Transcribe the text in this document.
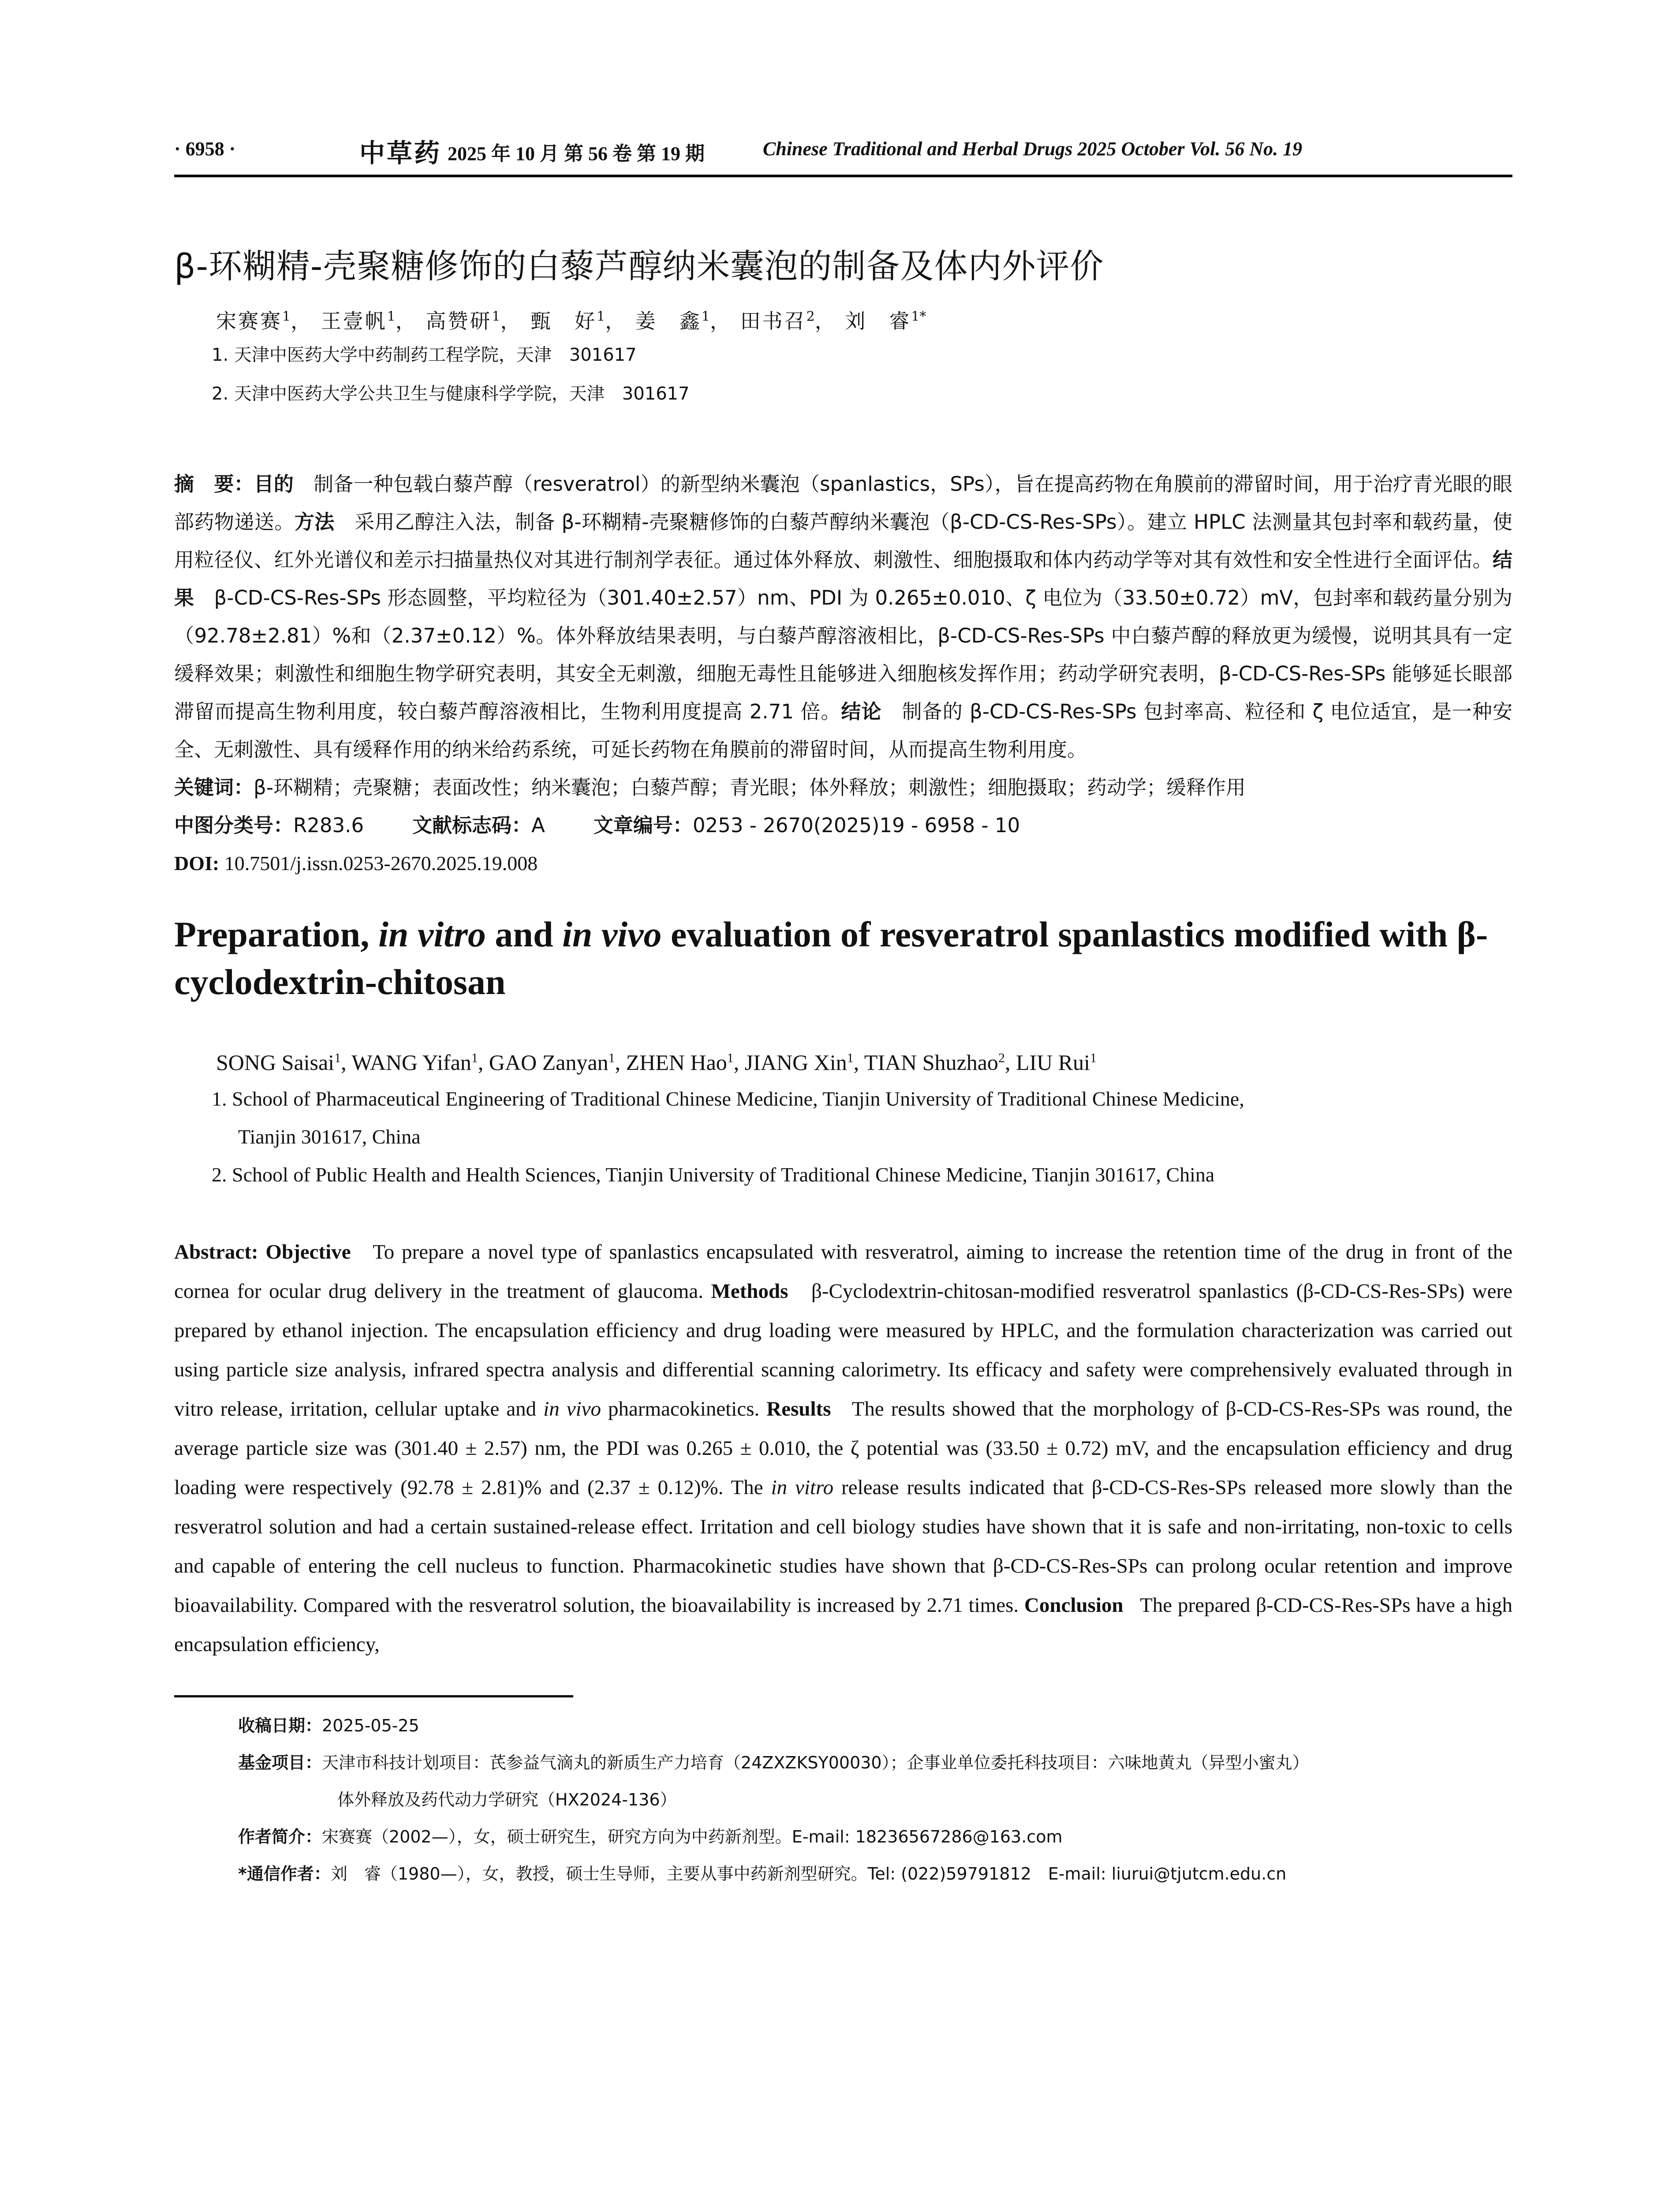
· 6958 ·	中草药 2025 年 10 月 第 56 卷 第 19 期	Chinese Traditional and Herbal Drugs 2025 October Vol. 56 No. 19
β-环糊精-壳聚糖修饰的白藜芦醇纳米囊泡的制备及体内外评价
宋赛赛$^1$， 王壹帆$^1$， 高赞研$^1$， 甄　好$^1$， 姜　鑫$^1$， 田书召$^2$， 刘　睿$^{1*}$
1. 天津中医药大学中药制药工程学院，天津　301617
2. 天津中医药大学公共卫生与健康科学学院，天津　301617
摘　要：目的　 制备一种包载白藜芦醇（resveratrol）的新型纳米囊泡（spanlastics，SPs），旨在提高药物在角膜前的滞留时间，用于治疗青光眼的眼部药物递送。方法　 采用乙醇注入法，制备 β-环糊精-壳聚糖修饰的白藜芦醇纳米囊泡（β-CD-CS-Res-SPs）。建立 HPLC 法测量其包封率和载药量，使用粒径仪、红外光谱仪和差示扫描量热仪对其进行制剂学表征。通过体外释放、刺激性、细胞摄取和体内药动学等对其有效性和安全性进行全面评估。结果　 β-CD-CS-Res-SPs 形态圆整，平均粒径为（301.40±2.57）nm、PDI 为 0.265±0.010、ζ 电位为（33.50±0.72）mV，包封率和载药量分别为（92.78±2.81）%和（2.37±0.12）%。体外释放结果表明，与白藜芦醇溶液相比，β-CD-CS-Res-SPs 中白藜芦醇的释放更为缓慢，说明其具有一定缓释效果；刺激性和细胞生物学研究表明，其安全无刺激，细胞无毒性且能够进入细胞核发挥作用；药动学研究表明，β-CD-CS-Res-SPs 能够延长眼部滞留而提高生物利用度，较白藜芦醇溶液相比，生物利用度提高 2.71 倍。结论　 制备的 β-CD-CS-Res-SPs 包封率高、粒径和 ζ 电位适宜，是一种安全、无刺激性、具有缓释作用的纳米给药系统，可延长药物在角膜前的滞留时间，从而提高生物利用度。
关键词：β-环糊精；壳聚糖；表面改性；纳米囊泡；白藜芦醇；青光眼；体外释放；刺激性；细胞摄取；药动学；缓释作用
中图分类号：R283.6 文献标志码：A 文章编号：0253 - 2670(2025)19 - 6958 - 10
DOI: 10.7501/j.issn.0253-2670.2025.19.008
Preparation, in vitro and in vivo evaluation of resveratrol spanlastics modified with β-cyclodextrin-chitosan
SONG Saisai$^1$, WANG Yifan$^1$, GAO Zanyan$^1$, ZHEN Hao$^1$, JIANG Xin$^1$, TIAN Shuzhao$^2$, LIU Rui$^1$
1. School of Pharmaceutical Engineering of Traditional Chinese Medicine, Tianjin University of Traditional Chinese Medicine,
Tianjin 301617, China
2. School of Public Health and Health Sciences, Tianjin University of Traditional Chinese Medicine, Tianjin 301617, China
Abstract: Objective To prepare a novel type of spanlastics encapsulated with resveratrol, aiming to increase the retention time of the drug in front of the cornea for ocular drug delivery in the treatment of glaucoma. Methods β-Cyclodextrin-chitosan-modified resveratrol spanlastics (β-CD-CS-Res-SPs) were prepared by ethanol injection. The encapsulation efficiency and drug loading were measured by HPLC, and the formulation characterization was carried out using particle size analysis, infrared spectra analysis and differential scanning calorimetry. Its efficacy and safety were comprehensively evaluated through in vitro release, irritation, cellular uptake and in vivo pharmacokinetics. Results The results showed that the morphology of β-CD-CS-Res-SPs was round, the average particle size was (301.40 ± 2.57) nm, the PDI was 0.265 ± 0.010, the ζ potential was (33.50 ± 0.72) mV, and the encapsulation efficiency and drug loading were respectively (92.78 ± 2.81)% and (2.37 ± 0.12)%. The in vitro release results indicated that β-CD-CS-Res-SPs released more slowly than the resveratrol solution and had a certain sustained-release effect. Irritation and cell biology studies have shown that it is safe and non-irritating, non-toxic to cells and capable of entering the cell nucleus to function. Pharmacokinetic studies have shown that β-CD-CS-Res-SPs can prolong ocular retention and improve bioavailability. Compared with the resveratrol solution, the bioavailability is increased by 2.71 times. Conclusion The prepared β-CD-CS-Res-SPs have a high encapsulation efficiency,
收稿日期：2025-05-25
基金项目：天津市科技计划项目：芪参益气滴丸的新质生产力培育（24ZXZKSY00030）；企事业单位委托科技项目：六味地黄丸（异型小蜜丸）
体外释放及药代动力学研究（HX2024-136）
作者简介：宋赛赛（2002—），女，硕士研究生，研究方向为中药新剂型。E-mail: 18236567286@163.com
*通信作者：刘　睿（1980—），女，教授，硕士生导师，主要从事中药新剂型研究。Tel: (022)59791812　E-mail: liurui@tjutcm.edu.cn
